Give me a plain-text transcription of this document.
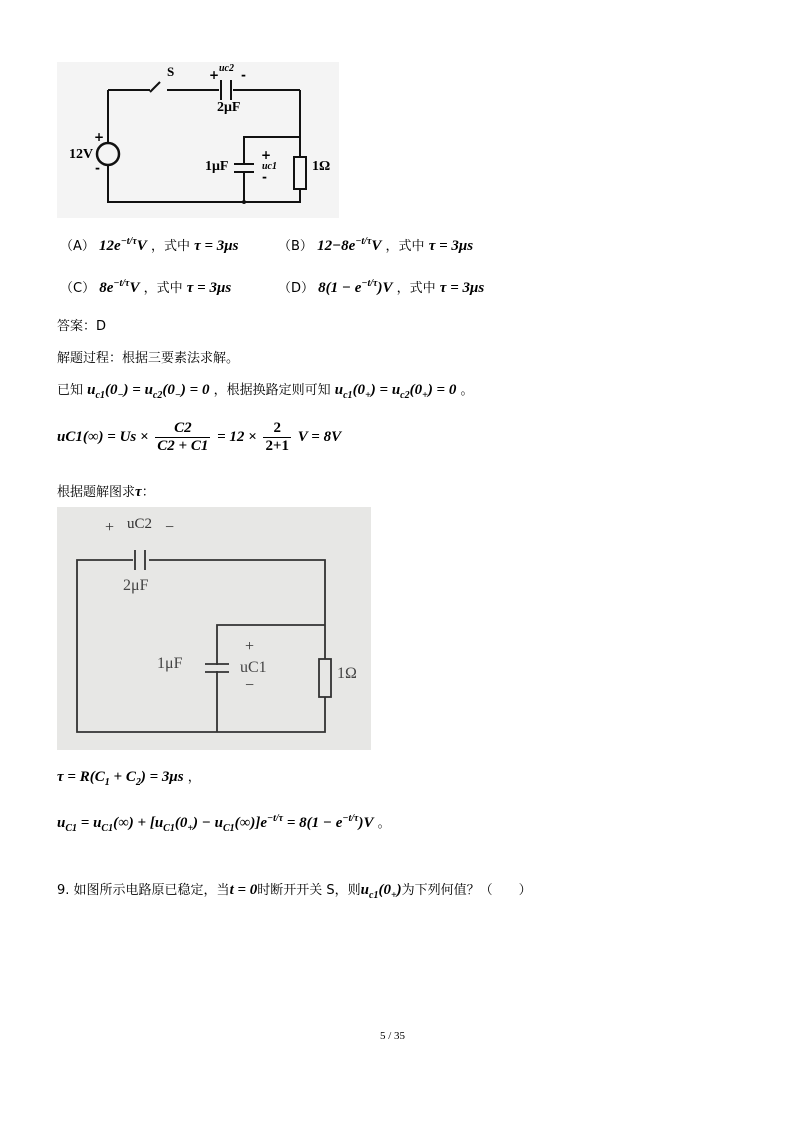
S	+ uc2 -
2μF
+
12V
-	1μF
+
uc1
-
1Ω
（A） $12e^{-t/\tau}V$ ，式中 τ = 3μs	（B） $12-8e^{-t/\tau}V$ ，式中 τ = 3μs
（C） $8e^{-t/\tau}V$ ，式中 τ = 3μs	（D） $8(1 - e^{-t/\tau})V$ ，式中 τ = 3μs
答案：D
解题过程：根据三要素法求解。
已知 $u_{c1}(0_-) = u_{c2}(0_-) = 0$ ，根据换路定则可知 $u_{c1}(0_+) = u_{c2}(0_+) = 0$ 。
$uC1(\infty) = Us \times \frac{C2}{C2 + C1} = 12 \times \frac{2}{2+1}$ V = 8V
根据题解图求τ：
+ uC2 −
2μF
1μF
+
uC1
−
1Ω
$\tau = R(C_1 + C_2) = 3\mu s$ ，
$u_{C1} = u_{C1}(\infty) + [u_{C1}(0_+) - u_{C1}(\infty)]e^{-t/\tau} = 8(1 - e^{-t/\tau})V$ 。
9. 如图所示电路原已稳定，当t = 0时断开开关 S，则$u_{c1}(0_+)$为下列何值？（　　）
5 / 35
